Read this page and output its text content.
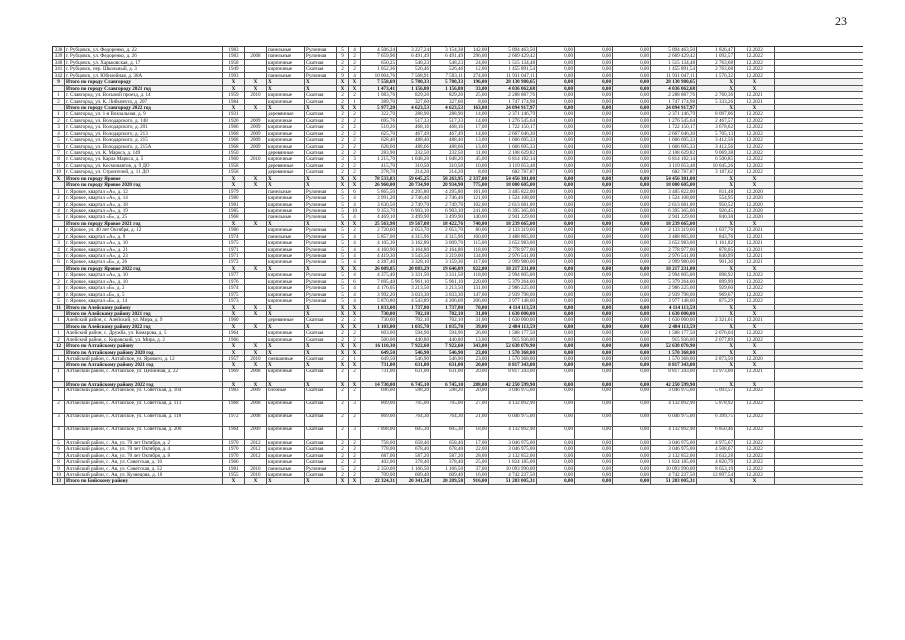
23
338 г. Рубцовск, ул. Федоренко, д. 22	1983	панельные	Рулонная	5	4	4 506,24	3 227,24	3 154,38	142,00	5 894 463,50	0,00	0,00	0,00	5 894 463,50	1 826,47	12.2022
339 г. Рубцовск, ул. Федоренко, д. 26	1983	2008	панельные	Рулонная	9	2	7 659,96	6 491,49	6 491,49	296,00	2 669 429,42	0,00	0,00	0,00	2 669 429,42	1 092,57	12.2022
340 г. Рубцовск, ул. Харьковская, д. 17	1958	кирпичные	Скатная	2	2	650,25	548,23	548,23	24,00	1 515 134,48	0,00	0,00	0,00	1 515 134,48	2 763,68	12.2022
341 г. Рубцовск, пер. Школьный, д. 3	1949	кирпичные	Скатная	2	2	1 052,36	526,46	526,46	12,00	1 455 891,54	0,00	0,00	0,00	1 455 891,54	2 763,68	12.2022
342 г. Рубцовск, ул. Юбилейная, д. 38А	1993	панельные	Рулонная	9	4	10 004,76	7 568,91	7 593,11	274,00	11 931 047,11	0,00	0,00	0,00	11 931 047,11	1 576,32	12.2022
9	Итого по городу Славгороду	X	X	X	X	X	X	7 558,69	5 780,33	5 780,33	196,00	28 130 980,65	0,00	0,00	0,00	28 130 980,65	X	X
Итого по городу Славгороду 2021 год	X	X	X	X	X	X	1 473,41	1 156,80	1 156,80	33,00	4 036 062,68	0,00	0,00	0,00	4 036 062,68	X	X
1	г. Славгород, ул. Восьмой проезд, д. 14	1959	2010	кирпичные	Скатная	2	2	1 083,76	829,20	829,20	25,00	2 288 887,76	0,00	0,00	0,00	2 288 887,76	2 760,36	12.2021
2	г. Славгород, ул. К. Либкнехта, д. 207	1984	кирпичные	Скатная	2	1	389,70	327,60	327,60	8,00	1 747 174,98	0,00	0,00	0,00	1 747 174,98	5 333,26	12.2021
Итого по городу Славгороду 2022 год	X	X	X	X	X	X	5 977,20	4 623,53	4 623,53	163,00	24 094 917,97	0,00	0,00	0,00	24 094 917,97	X	X
1	г. Славгород, ул. 1-я Вокзальная, д. 9	1931	деревянные	Скатная	2	2	322,70	288,90	288,90	14,00	2 371 146,79	0,00	0,00	0,00	2 371 146,79	8 097,06	12.2022
2	г. Славгород, ул. Володарского, д. 148	1926	2009	кирпичные	Скатная	2	2	695,76	517,33	517,33	14,00	1 276 545,64	0,00	0,00	0,00	1 276 545,64	2 467,57	12.2022
3	г. Славгород, ул. Володарского, д. 201	1966	2009	кирпичные	Скатная	2	2	510,26	468,16	468,16	17,00	1 722 150,17	0,00	0,00	0,00	1 722 150,17	3 678,62	12.2022
4	г. Славгород, ул. Володарского, д. 213	1968	2009	кирпичные	Скатная	2	2	625,70	467,49	467,49	14,00	2 667 046,30	0,00	0,00	0,00	2 667 046,30	5 705,13	12.2022
5	г. Славгород, ул. Володарского, д. 215	1968	2009	кирпичные	Скатная	2	2	628,40	488,40	488,40	13,00	1 666 695,33	0,00	0,00	0,00	1 666 695,33	3 412,56	12.2022
6	г. Славгород, ул. Володарского, д. 215А	1968	2009	кирпичные	Скатная	2	2	628,60	488,66	488,66	13,00	1 666 695,33	0,00	0,00	0,00	1 666 695,33	3 412,56	12.2022
7	г. Славгород, ул. К. Маркса, д. 149	1950	деревянные	Скатная	2	2	283,90	232,50	232,50	11,00	2 108 629,82	0,00	0,00	0,00	2 108 629,82	9 069,38	12.2022
8	г. Славгород, ул. Карла Маркса, д. 5	1960	2010	кирпичные	Скатная	3	3	1 215,70	1 048,20	1 048,20	45,00	6 814 182,14	0,00	0,00	0,00	6 814 182,14	6 500,85	12.2022
9	г. Славгород, ул. Космонавтов, д. 9 ДО	1958	деревянные	Скатная	2	2	415,70	310,50	310,50	10,00	3 119 053,48	0,00	0,00	0,00	3 119 053,48	10 045,26	12.2022
10 г. Славгород, ул. Строителей, д. 11 ДО	1958	деревянные	Скатная	2	2	278,70	214,20	214,20	8,00	682 787,87	0,00	0,00	0,00	682 787,87	3 187,62	12.2022
X	Итого по городу Яровое	X	X	X	X	X	X	78 533,83	59 645,25	58 263,95	2 337,00	54 456 301,00	0,00	0,00	0,00	54 456 301,00	X	X
Итого по городу Яровое 2020 год	X	X	X	X	X	X	26 960,00	20 734,90	20 934,90	775,00	18 000 605,00	0,00	0,00	0,00	18 000 605,00	X	X
1	г. Яровое, квартал «А», д. 12	1979	панельные	Рулонная	5	6	5 865,50	4 295,80	4 295,80	161,00	3 485 822,00	0,00	0,00	0,00	3 485 822,00	811,48	12.2020
2	г. Яровое, квартал «А», д. 14	1980	кирпичные	Рулонная	5	4	3 991,20	2 746,40	2 746,40	121,00	1 524 108,00	0,00	0,00	0,00	1 524 108,00	554,95	12.2020
3	г. Яровое, квартал «А», д. 18	1981	кирпичные	Рулонная	5	4	3 630,50	2 749,70	2 749,70	102,00	2 613 681,00	0,00	0,00	0,00	2 613 681,00	950,52	12.2020
4	г. Яровое, квартал «А», д. 19	1985	кирпичные	Рулонная	5	10	9 353,70	6 903,10	6 903,10	241,00	6 395 365,00	0,00	0,00	0,00	6 395 365,00	926,45	12.2020
5	г. Яровое, квартал «Б», д. 25	1968	панельные	Рулонная	5	4	4 469,10	3 499,90	3 499,90	140,00	2 941 229,00	0,00	0,00	0,00	2 941 229,00	840,38	12.2020
Итого по городу Яровое 2021 год	X	X	X	X	X	X	25 563,98	19 567,08	18 422,76	740,00	18 239 665,00	0,00	0,00	0,00	18 239 665,00	X	X
1	г. Яровое, ул. 40 лет Октября, д. 12	1986	кирпичные	Рулонная	5	2	2 720,60	2 053,70	2 053,70	80,00	2 133 319,00	0,00	0,00	0,00	2 133 319,00	1 037,76	12.2021
2	г. Яровое, квартал «А», д. 9	1974	панельные	Рулонная	5	4	5 857,00	4 315,96	4 315,96	160,00	3 488 865,00	0,00	0,00	0,00	3 488 865,00	843,76	12.2021
3	г. Яровое, квартал «А», д. 10	1975	кирпичные	Рулонная	5	4	4 105,30	3 162,80	3 009,70	115,00	3 652 983,00	0,00	0,00	0,00	3 652 983,00	1 161,82	12.2021
4	г. Яровое, квартал «А», д. 21	1971	кирпичные	Рулонная	5	4	4 160,90	3 164,80	2 164,80	118,00	2 778 977,00	0,00	0,00	0,00	2 778 977,00	878,05	12.2021
5	г. Яровое, квартал «А», д. 23	1971	кирпичные	Рулонная	5	4	4 419,30	3 543,50	3 219,00	134,00	2 976 541,00	0,00	0,00	0,00	2 976 541,00	840,99	12.2021
6	г. Яровое, квартал «Б», д. 26	1972	кирпичные	Рулонная	5	4	4 287,40	3 328,10	3 159,30	117,00	2 999 980,00	0,00	0,00	0,00	2 999 980,00	901,36	12.2021
Итого по городу Яровое 2022 год	X	X	X	X	X	X	26 009,85	20 083,29	19 646,09	822,00	18 217 231,00	0,00	0,00	0,00	18 217 231,00	X	X
1	г. Яровое, квартал «А», д. 10	1977	кирпичные	Рулонная	5	4	4 375,40	3 331,50	3 331,50	118,00	2 994 805,00	0,00	0,00	0,00	2 994 805,00	898,92	12.2022
2	г. Яровое, квартал «А», д. 10	1976	кирпичные	Рулонная	5	6	7 695,40	5 961,10	5 961,10	220,00	5 379 264,00	0,00	0,00	0,00	5 379 264,00	899,99	12.2022
3	г. Яровое, квартал «Б», д. 2	1974	кирпичные	Рулонная	5	4	4 176,05	3 213,50	3 213,50	131,00	2 986 225,00	0,00	0,00	0,00	2 986 225,00	929,60	12.2022
4	г. Яровое, квартал «Б», д. 5	1975	кирпичные	Рулонная	5	4	3 992,20	3 033,30	3 033,30	147,00	2 939 798,00	0,00	0,00	0,00	2 939 798,00	969,67	12.2022
5	г. Яровое, квартал «Б», д. 14	1973	кирпичные	Рулонная	5	4	5 870,80	4 543,89	4 206,69	206,00	3 977 148,00	0,00	0,00	0,00	3 977 148,00	875,29	12.2022
11 Итого по Алейскому району	X	X	X	X	X	X	1 833,00	1 737,80	1 737,80	70,00	4 114 113,59	0,00	0,00	0,00	4 114 113,59	X	X
Итого по Алейскому району 2021 год	X	X	X	X	X	X	730,00	702,10	702,10	31,00	1 630 000,00	0,00	0,00	0,00	1 630 000,00	X	X
1	Алейский район, с. Алейский, ул. Мира, д. 9	1960	деревянные	Скатная	2	2	730,00	702,10	702,10	31,00	1 630 000,00	0,00	0,00	0,00	1 630 000,00	2 321,61	12.2021
Итого по Алейскому району 2022 год	X	X	X	X	X	X	1 103,00	1 035,70	1 035,70	39,00	2 484 113,59	0,00	0,00	0,00	2 484 113,59	X	X
1	Алейский район, с. Дружба, ул. Комарова, д. 5	1964	кирпичные	Скатная	2	2	603,00	594,90	594,90	26,00	1 588 177,50	0,00	0,00	0,00	1 588 177,50	2 676,04	12.2022
2	Алейский район, с. Кировский, ул. Мира, д. 2	1966	кирпичные	Скатная	2	2	500,00	440,80	440,80	13,00	915 936,00	0,00	0,00	0,00	915 936,00	2 077,89	12.2022
12 Итого по Алтайскому району	X	X	X	X	X	X	16 110,30	7 922,60	7 922,60	343,00	52 638 070,90	0,00	0,00	0,00	52 638 070,90	X	X
Итого по Алтайскому району 2020 год	X	X	X	X	X	X	649,50	546,90	546,90	23,00	1 570 368,00	0,00	0,00	0,00	1 570 368,00	X	X
1	Алтайский район, с. Алтайское, ул. Ярового, д. 12	1957	2010	смешанные	Скатная	2	1	649,50	546,90	546,90	23,00	1 570 368,00	0,00	0,00	0,00	1 570 368,00	2 873,50	12.2020
Итого по Алтайскому району 2021 год	X	X	X	X	X	X	731,00	631,00	631,00	20,00	8 817 343,00	0,00	0,00	0,00	8 817 343,00	X	X
1	Алтайский район, с. Алтайское, ул. Целинная, д. 22	1969	2008	кирпичные	Скатная	2	2	731,00	631,00	631,00	20,00	8 817 343,00	0,00	0,00	0,00	8 817 343,00	13 973,60	12.2021
Итого по Алтайскому району 2022 год	X	X	X	X	X	X	14 730,00	6 745,10	6 745,10	288,00	42 250 599,90	0,00	0,00	0,00	42 250 599,90	X	X
1	Алтайский район, с. Алтайское, ул. Советская, д. 104	1983	2009	блочные	Скатная	2	2	696,00	598,20	598,20	20,00	3 046 975,00	0,00	0,00	0,00	3 046 975,00	5 093,57	12.2022
2	Алтайский район, с. Алтайское, ул. Советская, д. 113	1968	2008	кирпичные	Скатная	2	3	809,00	705,00	705,00	27,00	4 132 892,90	0,00	0,00	0,00	4 132 892,90	5 878,92	12.2022
3	Алтайский район, с. Алтайское, ул. Советская, д. 118	1972	2008	кирпичные	Скатная	2	2	869,00	764,30	764,30	21,00	6 046 975,00	0,00	0,00	0,00	6 046 975,00	6 399,75	12.2022
4	Алтайский район, с. Алтайское, ул. Советская, д. 200	1964	2009	кирпичные	Скатная	2	3	7 898,00	605,30	605,30	18,00	4 132 892,90	0,00	0,00	0,00	4 132 892,90	6 850,46	12.2022
5	Алтайский район, с. Ая, ул. 70 лет Октября, д. 2	1970	2012	кирпичные	Скатная	2	2	758,00	658,40	658,40	17,00	3 046 975,00	0,00	0,00	0,00	3 046 975,00	4 975,67	12.2022
6	Алтайский район, с. Ая, ул. 70 лет Октября, д. 4	1970	2012	кирпичные	Скатная	2	2	778,00	678,40	678,40	22,00	3 046 975,00	0,00	0,00	0,00	3 046 975,00	4 508,67	12.2022
7	Алтайский район, с. Ая, ул. 70 лет Октября, д. 8	1970	2012	кирпичные	Скатная	2	2	687,00	587,20	587,20	28,00	2 132 852,00	0,00	0,00	0,00	2 132 852,00	3 632,28	12.2022
8	Алтайский район, с. Ая, ул. Советская, д. 10	1966	кирпичные	Скатная	2	2	402,00	378,40	378,40	25,00	1 824 185,00	0,00	0,00	0,00	1 824 185,00	4 820,79	12.2022
9	Алтайский район, с. Ая, ул. Советская, д. 52	1981	2010	панельные	Рулонная	5	2	2 350,00	1 166,50	1 166,50	37,00	10 093 990,00	0,00	0,00	0,00	10 093 990,00	8 653,19	12.2022
10 Алтайский район, с. Ая, ул. Кузнецова, д. 10	1955	2010	кирпичные	Скатная	2	2	709,00	609,40	609,40	16,00	4 742 237,50	0,00	0,00	0,00	4 742 237,50	12 897,54	12.2022
13 Итого по Бийскому району	X	X	X	X	X	X	22 324,31	20 341,58	20 289,58	916,00	51 283 005,31	0,00	0,00	0,00	51 283 005,31	X	X
